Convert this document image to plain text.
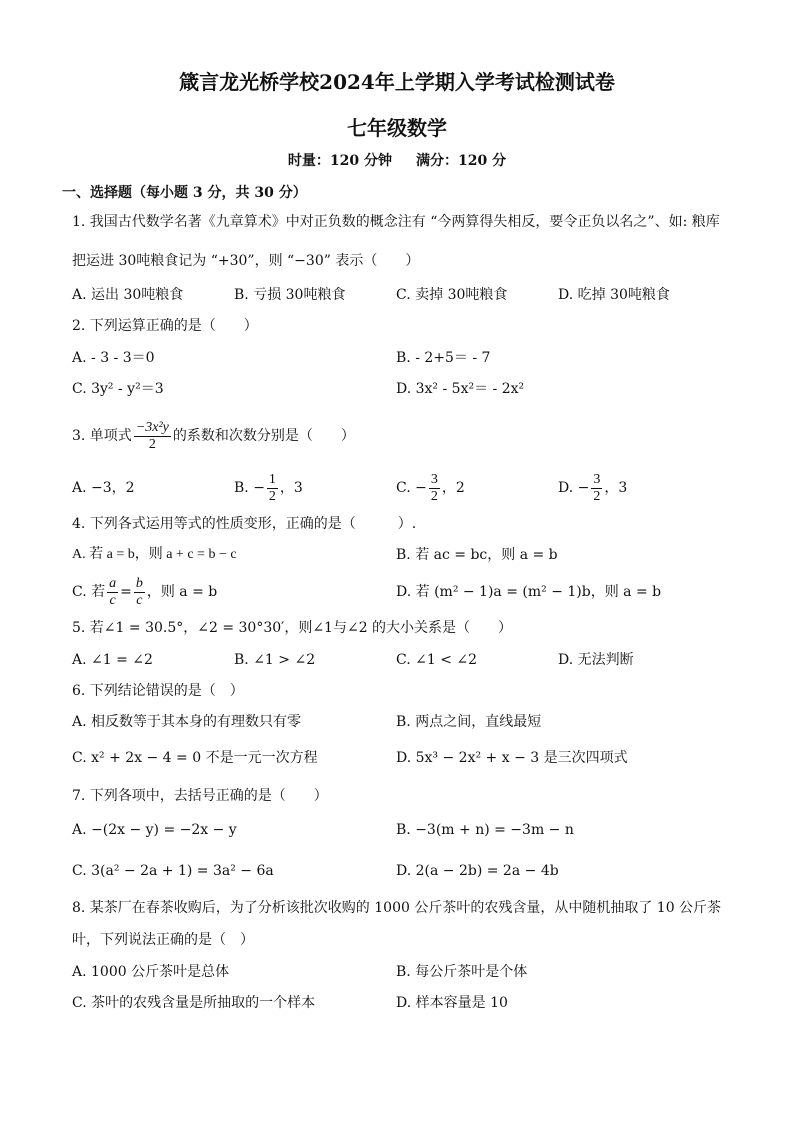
箴言龙光桥学校2024年上学期入学考试检测试卷
七年级数学
时量：120 分钟 满分：120 分
一、选择题（每小题 3 分，共 30 分）
1. 我国古代数学名著《九章算术》中对正负数的概念注有 “今两算得失相反，要令正负以名之”、如: 粮库
把运进 30吨粮食记为 “+30”，则 “−30” 表示（　　）
A. 运出 30吨粮食	B. 亏损 30吨粮食	C. 卖掉 30吨粮食	D. 吃掉 30吨粮食
2. 下列运算正确的是（　　）
A. - 3 - 3＝0	B. - 2+5＝ - 7
C. 3y² - y²＝3	D. 3x² - 5x²＝ - 2x²
3. 单项式 $\frac{\text{−3x²y}}{2}$ 的系数和次数分别是（　　）
A. −3，2	B. − $\frac{1}{2}$ ，3	C. − $\frac{3}{2}$ ，2	D. − $\frac{3}{2}$ ，3
4. 下列各式运用等式的性质变形，正确的是（　　　）.
A. 若 a = b，则 a + c = b − c	B. 若 ac = bc，则 a = b
C. 若 $\frac{a}{c} = \frac{b}{c}$ ，则 a = b	D. 若 (m² − 1)a = (m² − 1)b，则 a = b
5. 若∠1 = 30.5°，∠2 = 30°30′，则∠1与∠2 的大小关系是（　　）
A. ∠1 = ∠2	B. ∠1 > ∠2	C. ∠1 < ∠2	D. 无法判断
6. 下列结论错误的是（　）
A. 相反数等于其本身的有理数只有零	B. 两点之间，直线最短
C. x² + 2x − 4 = 0 不是一元一次方程	D. 5x³ − 2x² + x − 3 是三次四项式
7. 下列各项中，去括号正确的是（　　）
A. −(2x − y) = −2x − y	B. −3(m + n) = −3m − n
C. 3(a² − 2a + 1) = 3a² − 6a	D. 2(a − 2b) = 2a − 4b
8. 某茶厂在春茶收购后，为了分析该批次收购的 1000 公斤茶叶的农残含量，从中随机抽取了 10 公斤茶
叶，下列说法正确的是（　）
A. 1000 公斤茶叶是总体	B. 每公斤茶叶是个体
C. 茶叶的农残含量是所抽取的一个样本	D. 样本容量是 10
